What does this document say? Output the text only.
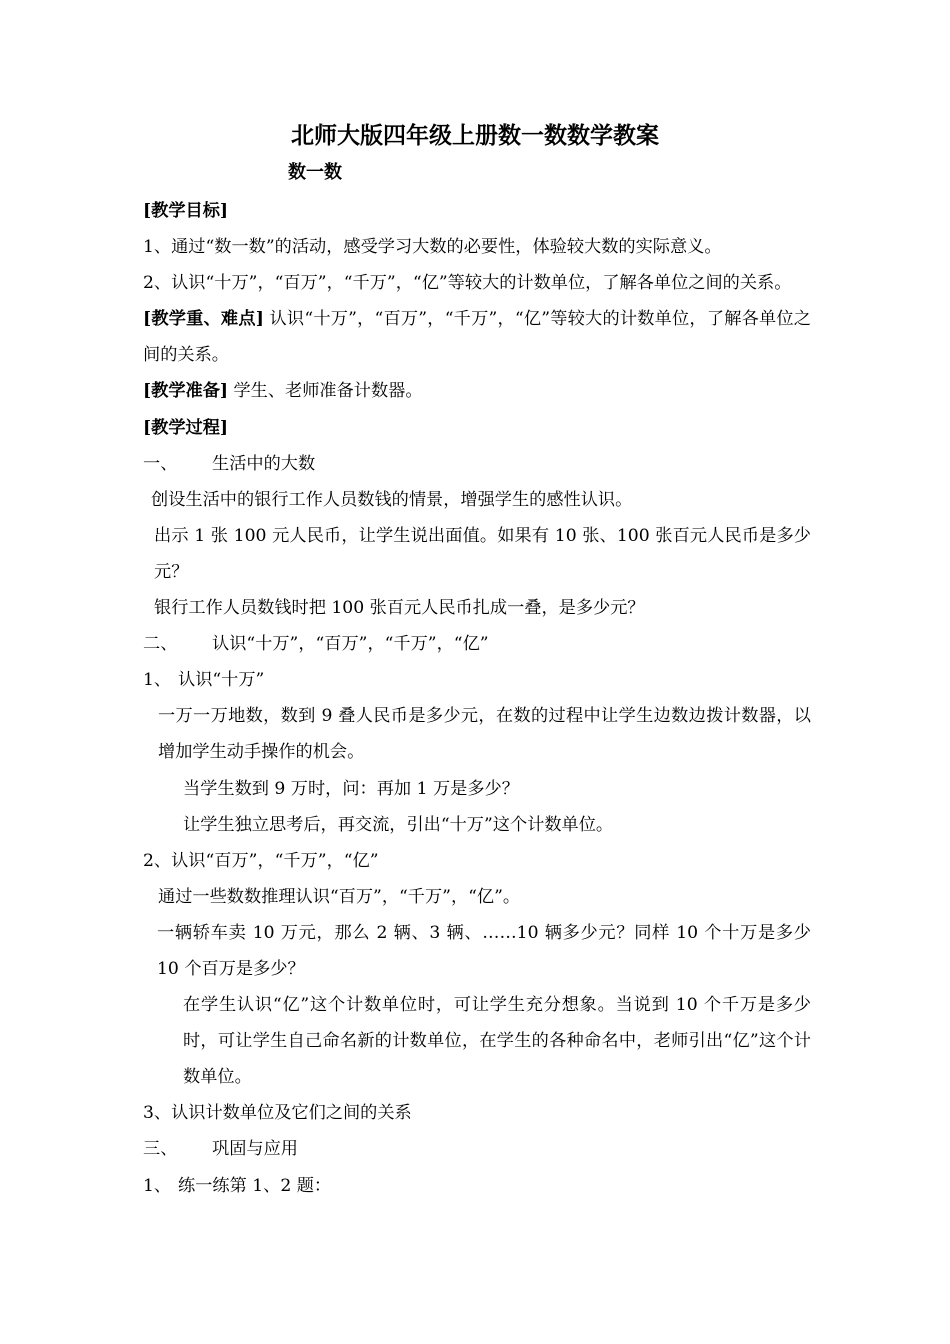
北师大版四年级上册数一数数学教案
数一数

[教学目标]

1、通过“数一数”的活动，感受学习大数的必要性，体验较大数的实际意义。

2、认识“十万”，“百万”，“千万”，“亿”等较大的计数单位，了解各单位之间的关系。

[教学重、难点] 认识“十万”，“百万”，“千万”，“亿”等较大的计数单位，了解各单位之间的关系。

[教学准备] 学生、老师准备计数器。

[教学过程]

一、 生活中的大数

创设生活中的银行工作人员数钱的情景，增强学生的感性认识。

出示 1 张 100 元人民币，让学生说出面值。如果有 10 张、100 张百元人民币是多少元？

银行工作人员数钱时把 100 张百元人民币扎成一叠，是多少元？

二、 认识“十万”，“百万”，“千万”，“亿”

1、 认识“十万”

一万一万地数，数到 9 叠人民币是多少元，在数的过程中让学生边数边拨计数器，以增加学生动手操作的机会。

当学生数到 9 万时，问：再加 1 万是多少？

让学生独立思考后，再交流，引出“十万”这个计数单位。

2、认识“百万”，“千万”，“亿”

通过一些数数推理认识“百万”，“千万”，“亿”。

一辆轿车卖 10 万元，那么 2 辆、3 辆、……10 辆多少元？同样 10 个十万是多少 10 个百万是多少？

在学生认识“亿”这个计数单位时，可让学生充分想象。当说到 10 个千万是多少时，可让学生自己命名新的计数单位，在学生的各种命名中，老师引出“亿”这个计数单位。

3、认识计数单位及它们之间的关系

三、 巩固与应用

1、 练一练第 1、2 题：
